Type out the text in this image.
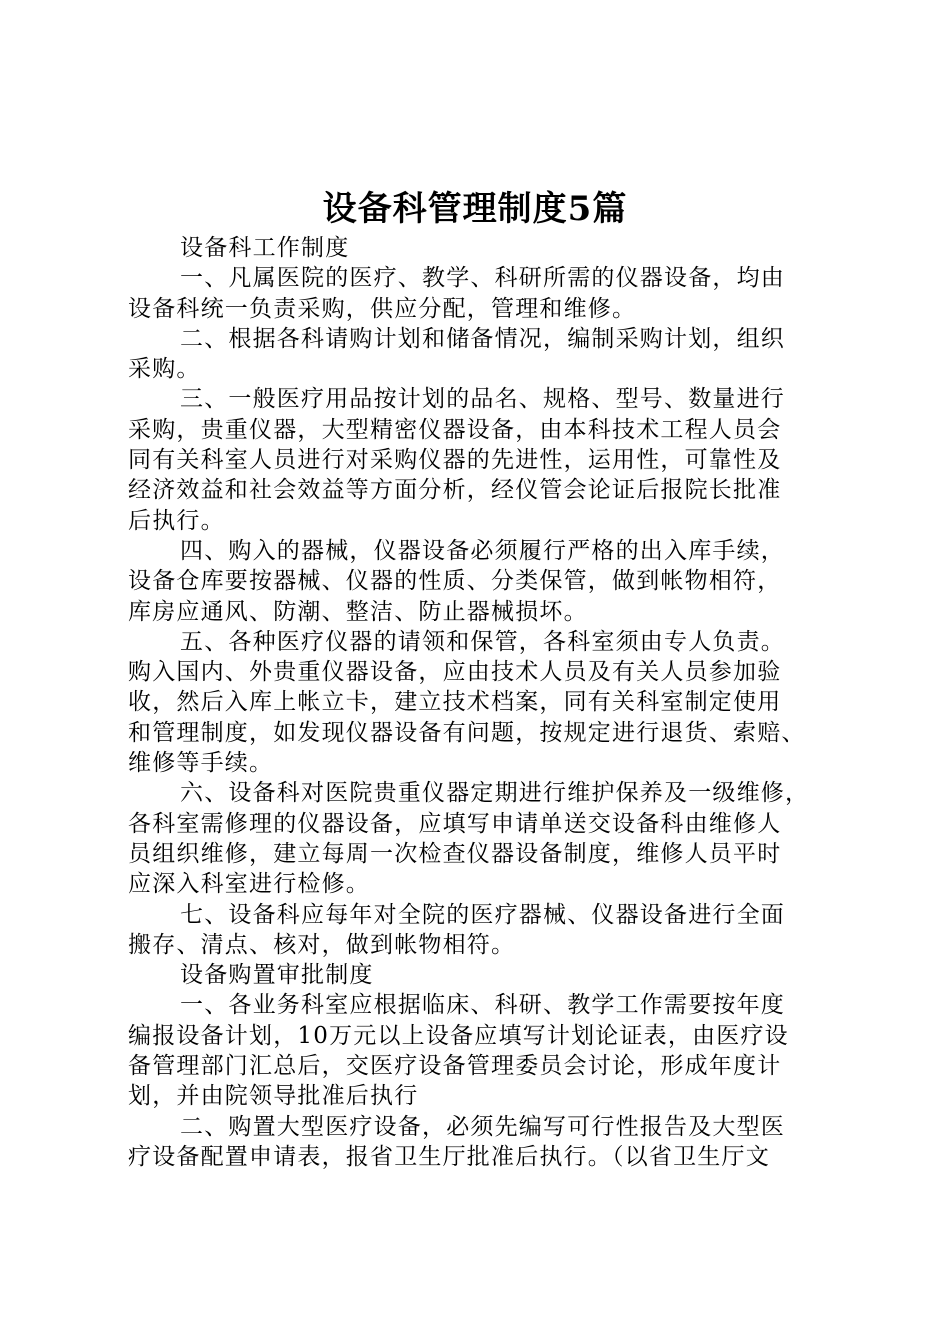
设备科管理制度5篇
设备科工作制度
一、凡属医院的医疗、教学、科研所需的仪器设备，均由
设备科统一负责采购，供应分配，管理和维修。
二、根据各科请购计划和储备情况，编制采购计划，组织
采购。
三、一般医疗用品按计划的品名、规格、型号、数量进行
采购，贵重仪器，大型精密仪器设备，由本科技术工程人员会
同有关科室人员进行对采购仪器的先进性，运用性，可靠性及
经济效益和社会效益等方面分析，经仪管会论证后报院长批准
后执行。
四、购入的器械，仪器设备必须履行严格的出入库手续，
设备仓库要按器械、仪器的性质、分类保管，做到帐物相符，
库房应通风、防潮、整洁、防止器械损坏。
五、各种医疗仪器的请领和保管，各科室须由专人负责。
购入国内、外贵重仪器设备，应由技术人员及有关人员参加验
收，然后入库上帐立卡，建立技术档案，同有关科室制定使用
和管理制度，如发现仪器设备有问题，按规定进行退货、索赔、
维修等手续。
六、设备科对医院贵重仪器定期进行维护保养及一级维修，
各科室需修理的仪器设备，应填写申请单送交设备科由维修人
员组织维修，建立每周一次检查仪器设备制度，维修人员平时
应深入科室进行检修。
七、设备科应每年对全院的医疗器械、仪器设备进行全面
搬存、清点、核对，做到帐物相符。
设备购置审批制度
一、各业务科室应根据临床、科研、教学工作需要按年度
编报设备计划，10万元以上设备应填写计划论证表，由医疗设
备管理部门汇总后，交医疗设备管理委员会讨论，形成年度计
划，并由院领导批准后执行
二、购置大型医疗设备，必须先编写可行性报告及大型医
疗设备配置申请表，报省卫生厅批准后执行。（以省卫生厅文
